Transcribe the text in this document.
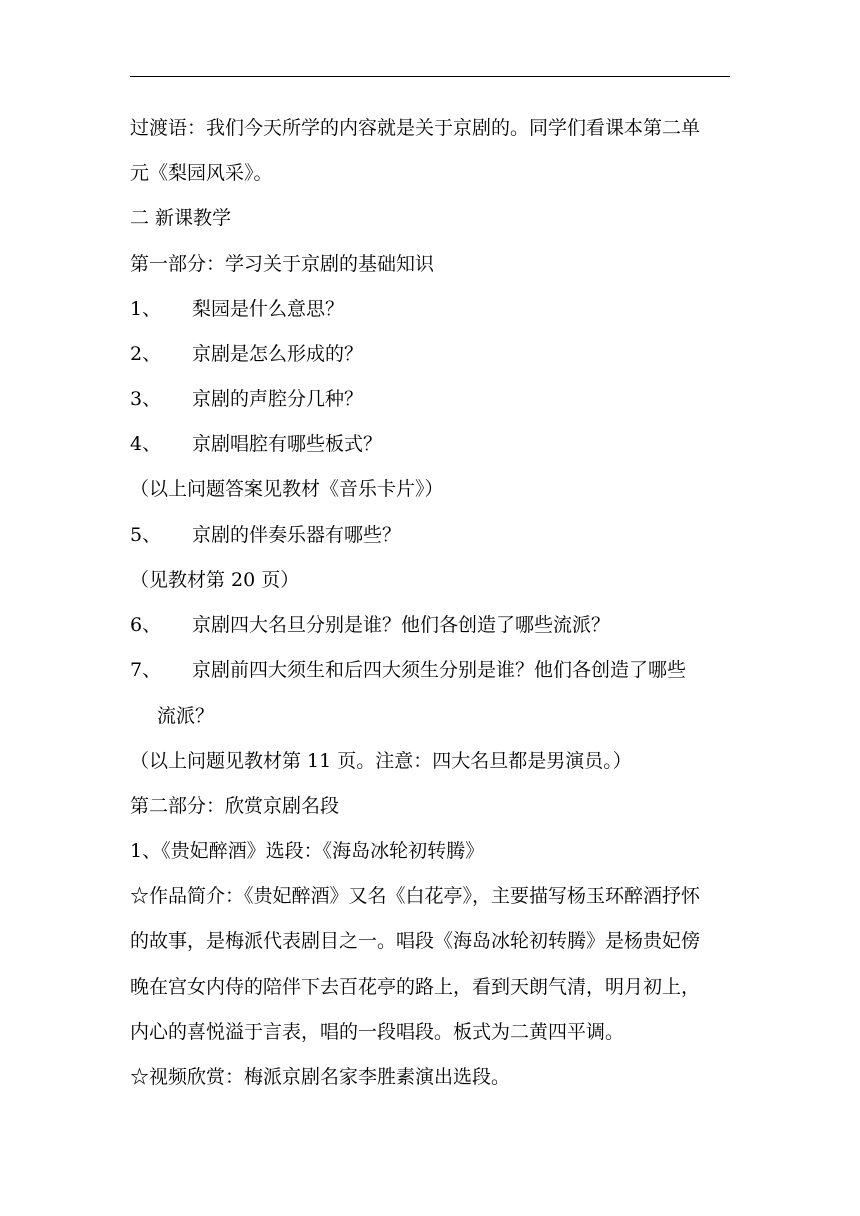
过渡语：我们今天所学的内容就是关于京剧的。同学们看课本第二单
元《梨园风采》。
二 新课教学
第一部分：学习关于京剧的基础知识
1、 梨园是什么意思？
2、 京剧是怎么形成的？
3、 京剧的声腔分几种？
4、 京剧唱腔有哪些板式？
（以上问题答案见教材《音乐卡片》）
5、 京剧的伴奏乐器有哪些？
（见教材第 20 页）
6、 京剧四大名旦分别是谁？他们各创造了哪些流派？
7、 京剧前四大须生和后四大须生分别是谁？他们各创造了哪些
流派？
（以上问题见教材第 11 页。注意：四大名旦都是男演员。）
第二部分：欣赏京剧名段
1、《贵妃醉酒》选段：《海岛冰轮初转腾》
☆作品简介：《贵妃醉酒》又名《白花亭》，主要描写杨玉环醉酒抒怀
的故事，是梅派代表剧目之一。唱段《海岛冰轮初转腾》是杨贵妃傍
晚在宫女内侍的陪伴下去百花亭的路上，看到天朗气清，明月初上，
内心的喜悦溢于言表，唱的一段唱段。板式为二黄四平调。
☆视频欣赏：梅派京剧名家李胜素演出选段。
